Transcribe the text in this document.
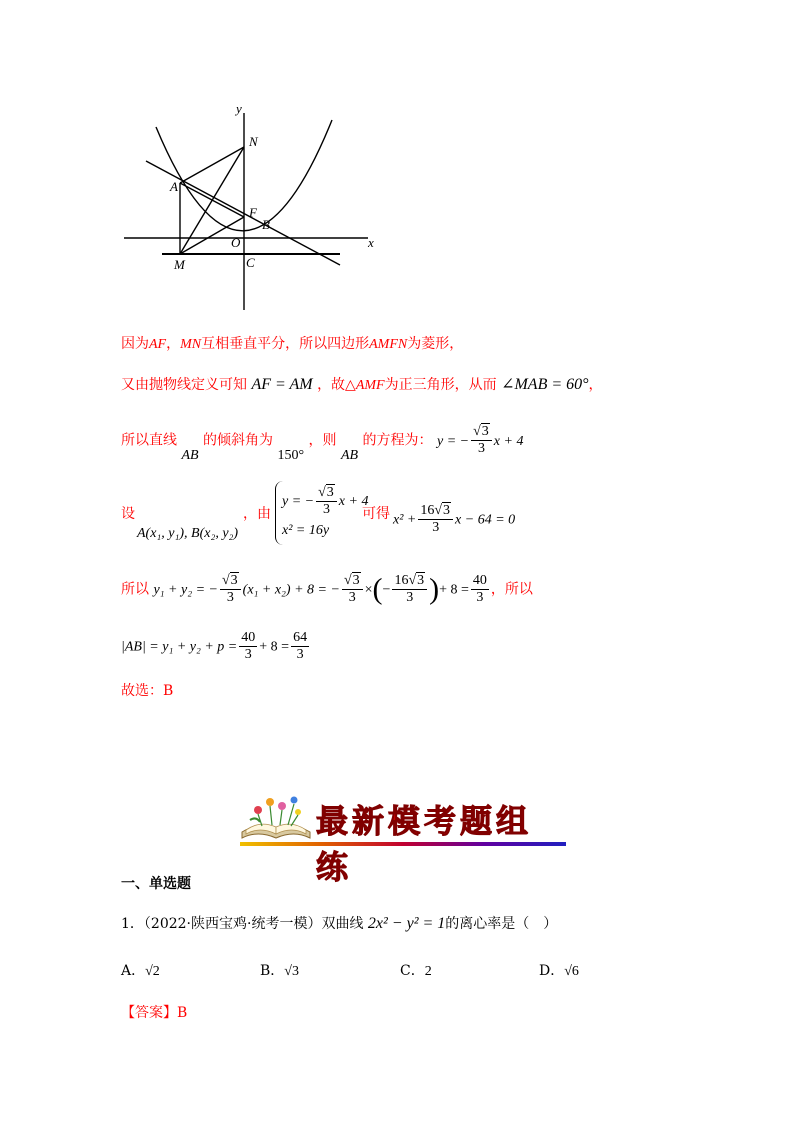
y
x
N
A
F
B
O
M	C
因为AF，MN互相垂直平分，所以四边形AMFN为菱形，
又由抛物线定义可知 AF = AM ，故△AMF为正三角形，从而 ∠MAB = 60°，
所以直线 AB 的倾斜角为 150° ，则 AB 的方程为： y = − $\frac{√3}{3}$ x + 4
设
A(x₁, y₁), B(x₂, y₂)
，由
y = − $\frac{√3}{3}$ x + 4
x² = 16y
可得 $x^2 + \frac{16√3}{3}$ x − 64 = 0
所以 y₁ + y₂ = − $\frac{√3}{3} (x_1 + x_2) + 8$ = − $\frac{√3}{3}$ ×(− $\frac{16√3}{3}$ )+ $8 = \frac{40}{3}$ ，所以
$|AB| = y_1 + y_2 + p = \frac{40}{3} + 8 = \frac{64}{3}$
故选：B
最新模考题组练
一、单选题
1．（2022·陕西宝鸡·统考一模）双曲线 2x² − y² = 1的离心率是（　）
A．√2	B．√3	C．2	D．√6
【答案】B
